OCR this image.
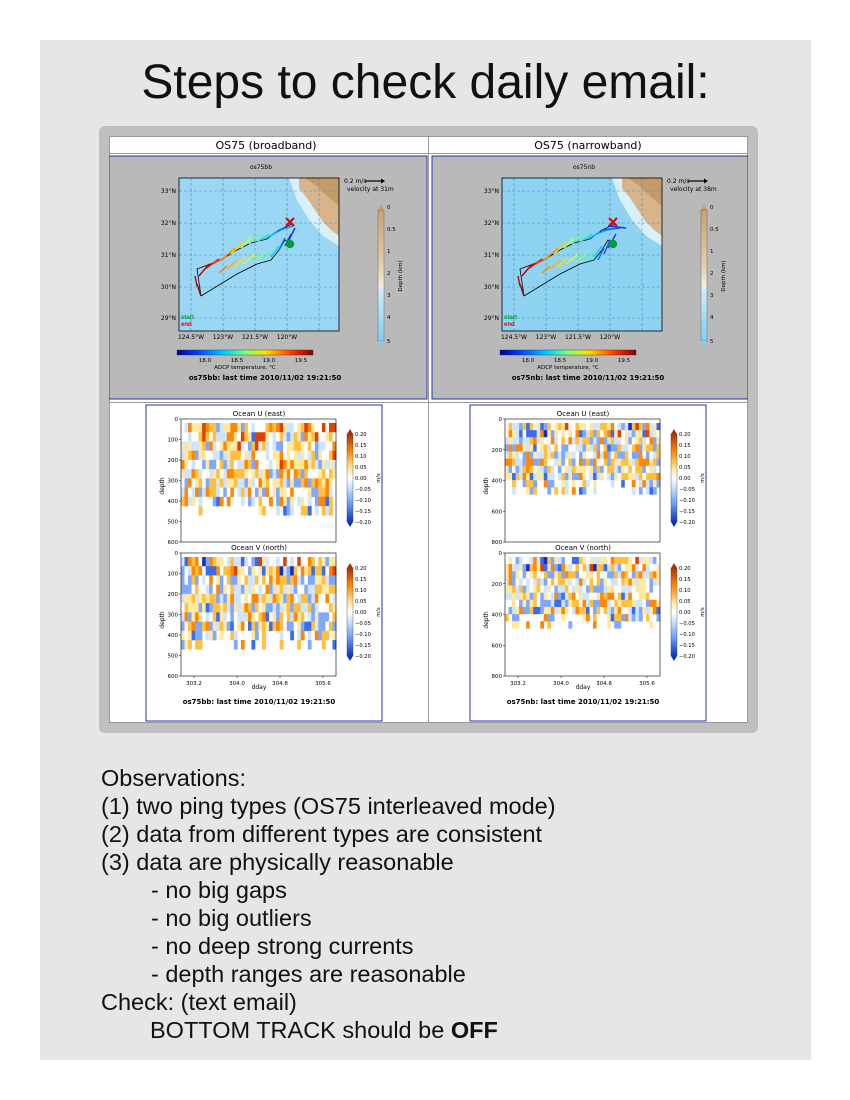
Steps to check daily email:
OS75 (broadband)	OS75 (narrowband)
os75bb
start
end
33°N
32°N
31°N
30°N
29°N
124.5°W 123°W 121.5°W 120°W
0.2 m/s
velocity at 31m
0
0.5
1
2
3
4
5
Depth (km)
18.0	18.5	19.0	19.5
ADCP temperature, °C
os75bb: last time 2010/11/02 19:21:50
os75nb
start
end
33°N
32°N
31°N
30°N
29°N
124.5°W 123°W 121.5°W 120°W
0.2 m/s
velocity at 38m
0
0.5
1
2
3
4
5
Depth (km)
18.0	18.5	19.0	19.5
ADCP temperature, °C
os75nb: last time 2010/11/02 19:21:50
Ocean U (east)
Ocean V (north)
dday
os75bb: last time 2010/11/02 19:21:50
depth
depth
0
100
200
300
400
500
600
0.20
0.15
0.10
0.05
0.00
−0.05
−0.10
−0.15
−0.20
m/s
0
100
200
300
400
500
600
0.20
0.15
0.10
0.05
0.00
−0.05
−0.10
−0.15
−0.20
m/s
303.2	304.0	304.8	305.6
Ocean U (east)
Ocean V (north)
dday
os75nb: last time 2010/11/02 19:21:50
depth
depth
0
200
400
600
800
0.20
0.15
0.10
0.05
0.00
−0.05
−0.10
−0.15
−0.20
m/s
0
200
400
600
800
0.20
0.15
0.10
0.05
0.00
−0.05
−0.10
−0.15
−0.20
m/s
303.2	304.0	304.8	305.6
Observations:
(1) two ping types (OS75 interleaved mode)
(2) data from different types are consistent
(3) data are physically reasonable
- no big gaps
- no big outliers
- no deep strong currents
- depth ranges are reasonable
Check: (text email)
BOTTOM TRACK should be OFF
